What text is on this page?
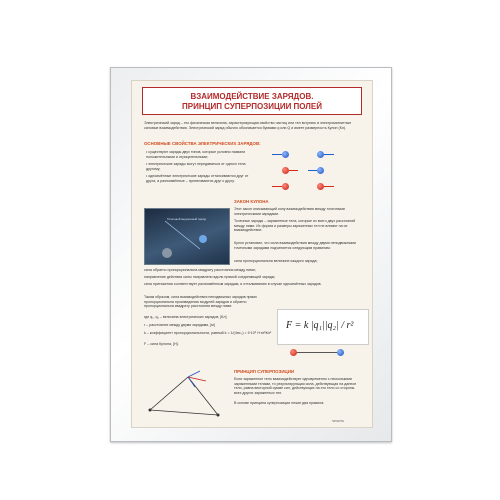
ВЗАИМОДЕЙСТВИЕ ЗАРЯДОВ.
ПРИНЦИП СУПЕРПОЗИЦИИ ПОЛЕЙ
Электрический заряд – это физическая величина, характеризующая свойство частиц или тел вступать в электромагнитные силовые взаимодействия. Электрический заряд обычно обозначается буквами q или Q и имеет размерность Кулон (Кл).
ОСНОВНЫЕ СВОЙСТВА ЭЛЕКТРИЧЕСКИХ ЗАРЯДОВ:
• существуют заряды двух типов, которые условно назвали положительными и отрицательными;
• электрические заряды могут передаваться от одного тела другому;
• одноимённые электрические заряды отталкиваются друг от друга, а разноимённые – притягиваются друг к другу.
ЗАКОН КУЛОНА
Точечный медленный заряд
Этот закон описывающий силу взаимодействия между точечными электрическими зарядами.
Точечные заряды – заряженные тела, которые из всего двух расстояний между ними. Их форма и размеры заряженных тел не влияют на их взаимодействие.
Кулон установил, что сила взаимодействия между двумя неподвижными точечными зарядами подчиняется следующим правилам:
сила пропорциональна величине каждого заряда;
сила обратно пропорциональна квадрату расстояния между ними;
направление действия силы направлено вдоль прямой соединяющей заряды;
сила притяжения соответствует разноимённым зарядам, и отталкиванию в случае одноимённых зарядов.
Таким образом, сила взаимодействия неподвижных зарядов прямо пропорциональна произведению модулей зарядов и обратно пропорциональна квадрату расстояния между ними:
где q₁, q₂ – величина электрических зарядов, [Кл]
r – расстояние между двумя зарядами, [м]
k – коэффициент пропорциональности, равный k = 1/(4πε₀) = 9·10⁹ Н·м²/Кл²
F – сила Кулона, [Н].
F = k |q₁||q₂| / r²
ПРИНЦИП СУПЕРПОЗИЦИИ
Если заряженное тело взаимодействует одновременно с несколькими заряженными телами, то результирующая сила, действующая на данное тело, равна векторной сумме сил, действующих на это тело со стороны всех других заряженных тел.
В основе принципа суперпозиции лежат два правила:
SPORTA
